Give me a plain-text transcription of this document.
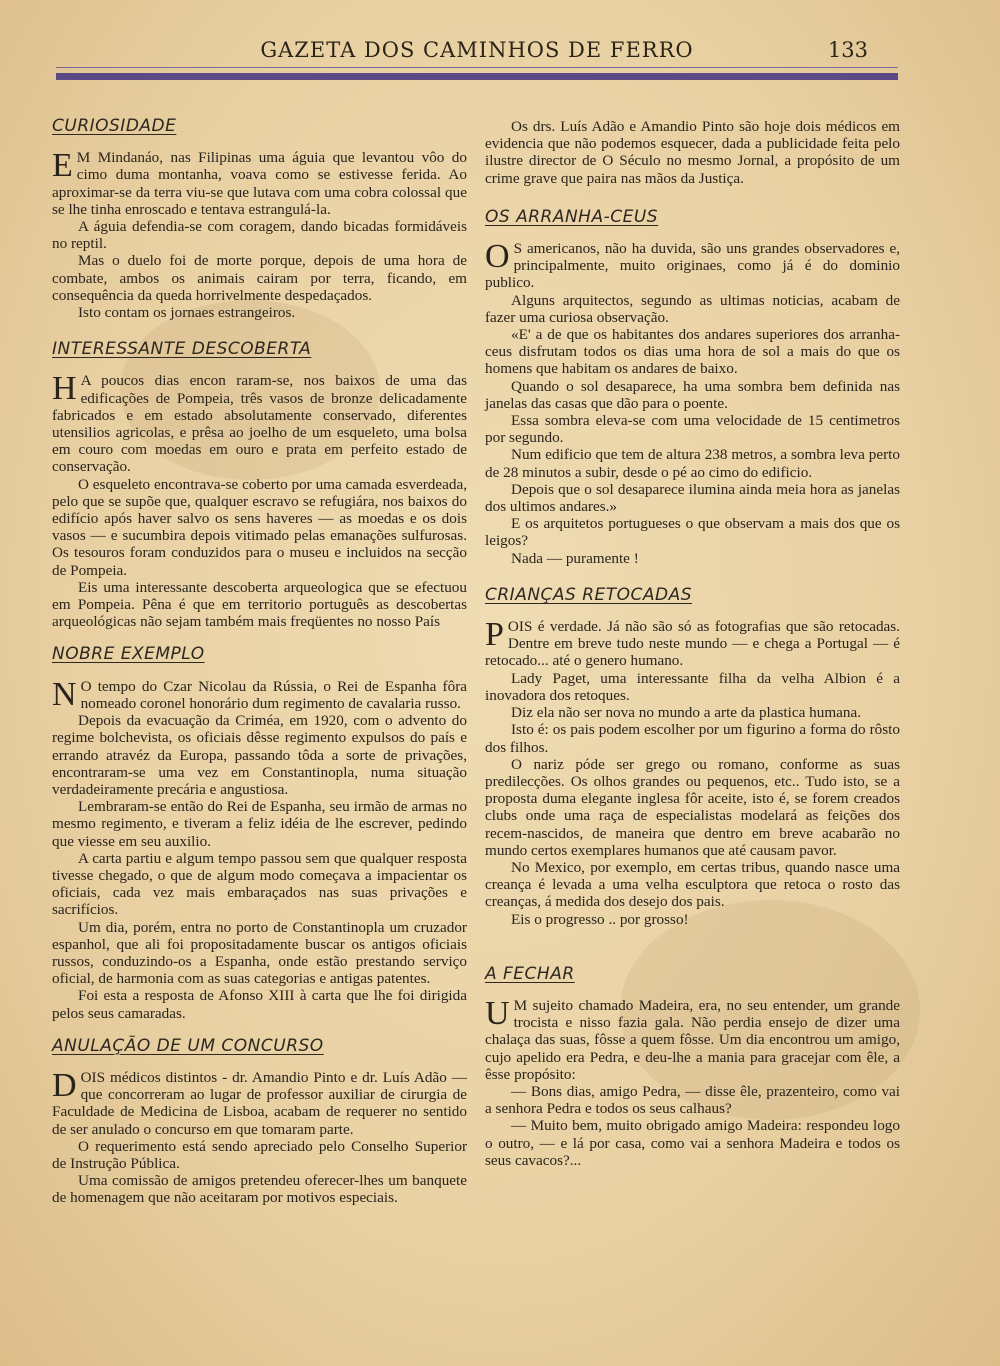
GAZETA DOS CAMINHOS DE FERRO	133
CURIOSIDADE

E M Mindanáo, nas Filipinas uma águia que levantou vôo do cimo duma montanha, voava como se estivesse ferida. Ao aproximar-se da terra viu-se que lutava com uma cobra colossal que se lhe tinha enroscado e tentava estrangulá-la.

A águia defendia-se com coragem, dando bicadas formidáveis no reptil.

Mas o duelo foi de morte porque, depois de uma hora de combate, ambos os animais cairam por terra, ficando, em consequência da queda horrivelmente despedaçados.

Isto contam os jornaes estrangeiros.

INTERESSANTE DESCOBERTA

H A poucos dias encon raram-se, nos baixos de uma das edificações de Pompeia, três vasos de bronze delicadamente fabricados e em estado absolutamente conservado, diferentes utensilios agricolas, e prêsa ao joelho de um esqueleto, uma bolsa em couro com moedas em ouro e prata em perfeito estado de conservação.

O esqueleto encontrava-se coberto por uma camada esverdeada, pelo que se supõe que, qualquer escravo se refugiára, nos baixos do edifício após haver salvo os sens haveres — as moedas e os dois vasos — e sucumbira depois vitimado pelas emanações sulfurosas. Os tesouros foram conduzidos para o museu e incluidos na secção de Pompeia.

Eis uma interessante descoberta arqueologica que se efectuou em Pompeia. Pêna é que em territorio português as descobertas arqueológicas não sejam também mais freqüentes no nosso País

NOBRE EXEMPLO

N O tempo do Czar Nicolau da Rússia, o Rei de Espanha fôra nomeado coronel honorário dum regimento de cavalaria russo.

Depois da evacuação da Criméa, em 1920, com o advento do regime bolchevista, os oficiais dêsse regimento expulsos do país e errando atravéz da Europa, passando tôda a sorte de privações, encontraram-se uma vez em Constantinopla, numa situação verdadeiramente precária e angustiosa.

Lembraram-se então do Rei de Espanha, seu irmão de armas no mesmo regimento, e tiveram a feliz idéia de lhe escrever, pedindo que viesse em seu auxilio.

A carta partiu e algum tempo passou sem que qualquer resposta tivesse chegado, o que de algum modo começava a impacientar os oficiais, cada vez mais embaraçados nas suas privações e sacrifícios.

Um dia, porém, entra no porto de Constantinopla um cruzador espanhol, que ali foi propositadamente buscar os antigos oficiais russos, conduzindo-os a Espanha, onde estão prestando serviço oficial, de harmonia com as suas categorias e antigas patentes.

Foi esta a resposta de Afonso XIII à carta que lhe foi dirigida pelos seus camaradas.

ANULAÇÃO DE UM CONCURSO

DOIS médicos distintos - dr. Amandio Pinto e dr. Luís Adão — que concorreram ao lugar de professor auxiliar de cirurgia de Faculdade de Medicina de Lisboa, acabam de requerer no sentido de ser anulado o concurso em que tomaram parte.

O requerimento está sendo apreciado pelo Conselho Superior de Instrução Pública.

Uma comissão de amigos pretendeu oferecer-lhes um banquete de homenagem que não aceitaram por motivos especiais.

Os drs. Luís Adão e Amandio Pinto são hoje dois médicos em evidencia que não podemos esquecer, dada a publicidade feita pelo ilustre director de O Século no mesmo Jornal, a propósito de um crime grave que paira nas mãos da Justiça.

OS ARRANHA-CEUS

O S americanos, não ha duvida, são uns grandes observadores e, principalmente, muito originaes, como já é do dominio publico.

Alguns arquitectos, segundo as ultimas noticias, acabam de fazer uma curiosa observação.

«E' a de que os habitantes dos andares superiores dos arranha-ceus disfrutam todos os dias uma hora de sol a mais do que os homens que habitam os andares de baixo.

Quando o sol desaparece, ha uma sombra bem definida nas janelas das casas que dão para o poente.

Essa sombra eleva-se com uma velocidade de 15 centimetros por segundo.

Num edificio que tem de altura 238 metros, a sombra leva perto de 28 minutos a subir, desde o pé ao cimo do edificio.

Depois que o sol desaparece ilumina ainda meia hora as janelas dos ultimos andares.»

E os arquitetos portugueses o que observam a mais dos que os leigos?

Nada — puramente !

CRIANÇAS RETOCADAS

POIS é verdade. Já não são só as fotografias que são retocadas. Dentre em breve tudo neste mundo — e chega a Portugal — é retocado... até o genero humano.

Lady Paget, uma interessante filha da velha Albion é a inovadora dos retoques.

Diz ela não ser nova no mundo a arte da plastica humana.

Isto é: os pais podem escolher por um figurino a forma do rôsto dos filhos.

O nariz póde ser grego ou romano, conforme as suas predilecções. Os olhos grandes ou pequenos, etc.. Tudo isto, se a proposta duma elegante inglesa fôr aceite, isto é, se forem creados clubs onde uma raça de especialistas modelará as feições dos recem-nascidos, de maneira que dentro em breve acabarão no mundo certos exemplares humanos que até causam pavor.

No Mexico, por exemplo, em certas tribus, quando nasce uma creança é levada a uma velha esculptora que retoca o rosto das creanças, á medida dos desejo dos pais.

Eis o progresso .. por grosso!

A FECHAR

U M sujeito chamado Madeira, era, no seu entender, um grande trocista e nisso fazia gala. Não perdia ensejo de dizer uma chalaça das suas, fôsse a quem fôsse. Um dia encontrou um amigo, cujo apelido era Pedra, e deu-lhe a mania para gracejar com êle, a êsse propósito:

— Bons dias, amigo Pedra, — disse êle, prazenteiro, como vai a senhora Pedra e todos os seus calhaus?

— Muito bem, muito obrigado amigo Madeira: respondeu logo o outro, — e lá por casa, como vai a senhora Madeira e todos os seus cavacos?...
